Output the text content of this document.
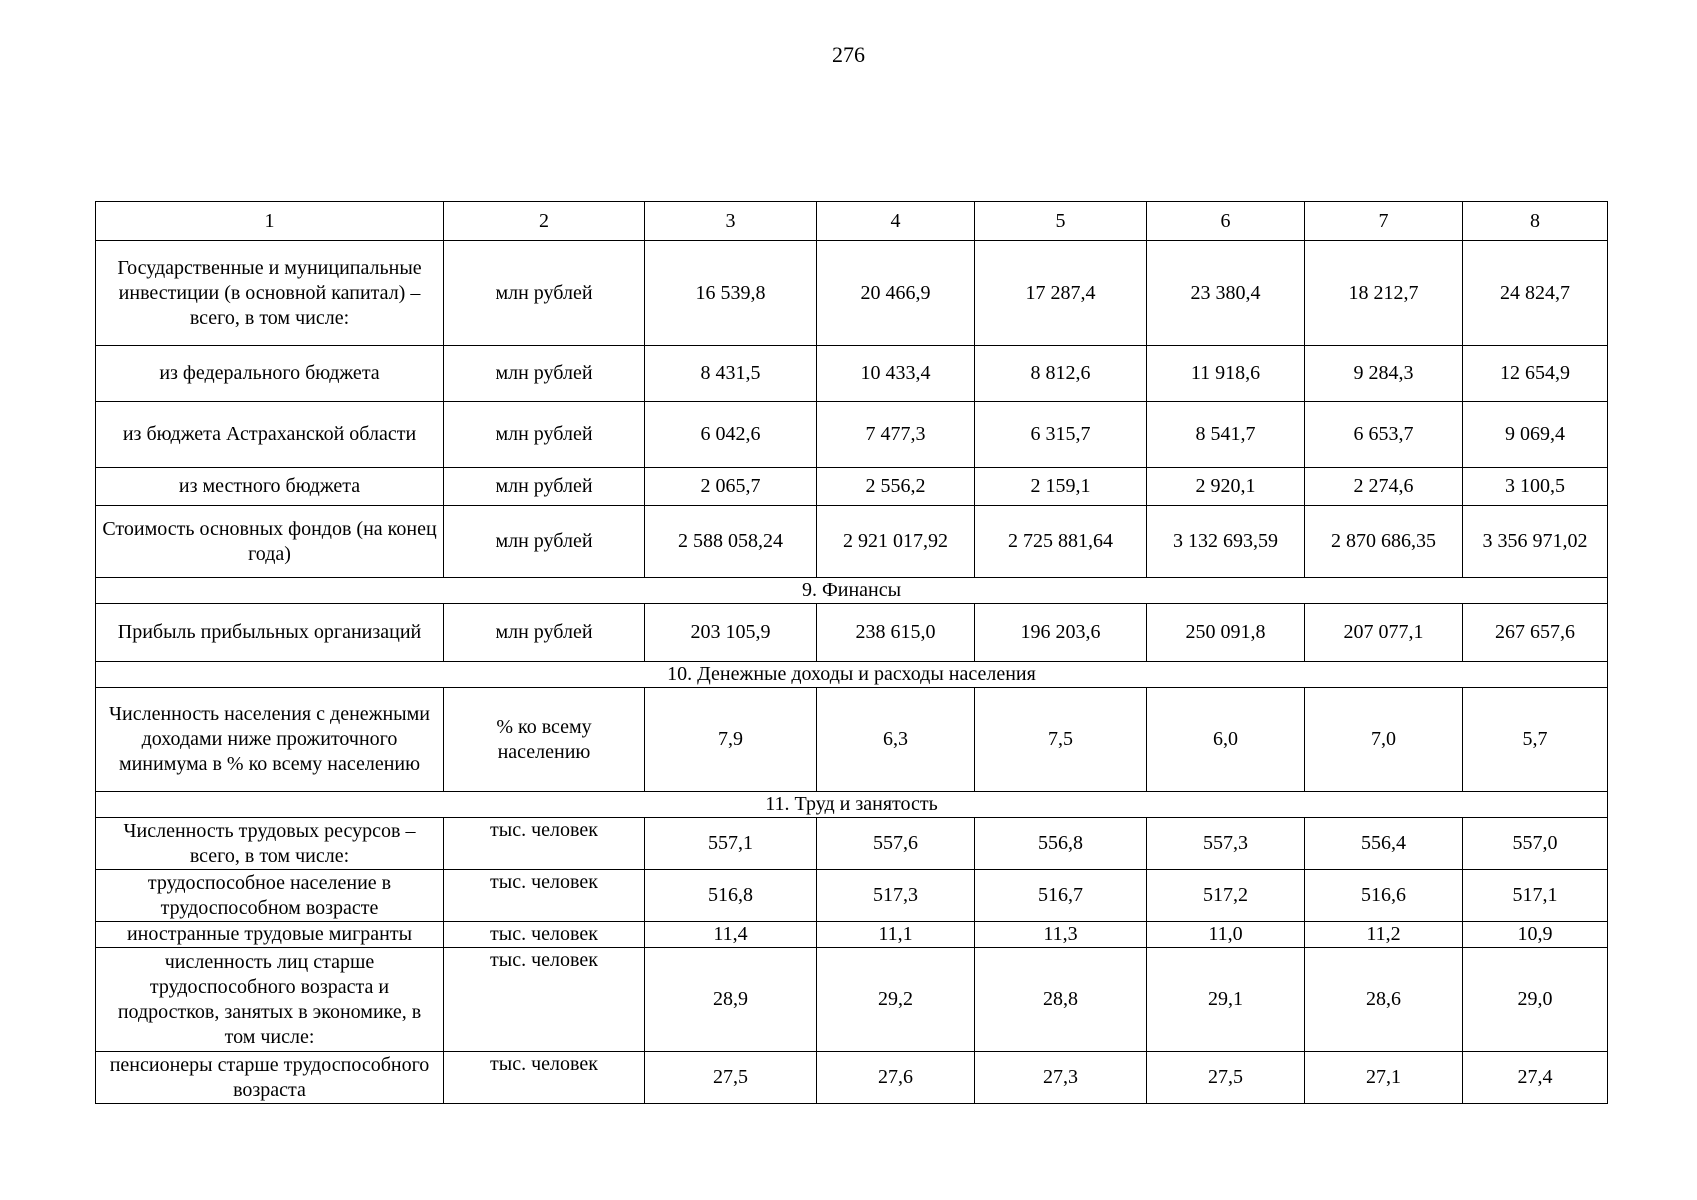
276
1	2	3	4	5	6	7	8
Государственные и муниципальные инвестиции (в основной капитал) – всего, в том числе:	млн рублей	16 539,8	20 466,9	17 287,4	23 380,4	18 212,7	24 824,7
из федерального бюджета	млн рублей	8 431,5	10 433,4	8 812,6	11 918,6	9 284,3	12 654,9
из бюджета Астраханской области	млн рублей	6 042,6	7 477,3	6 315,7	8 541,7	6 653,7	9 069,4
из местного бюджета	млн рублей	2 065,7	2 556,2	2 159,1	2 920,1	2 274,6	3 100,5
Стоимость основных фондов (на конец года)	млн рублей	2 588 058,24	2 921 017,92	2 725 881,64	3 132 693,59	2 870 686,35	3 356 971,02
9. Финансы							
Прибыль прибыльных организаций	млн рублей	203 105,9	238 615,0	196 203,6	250 091,8	207 077,1	267 657,6
10. Денежные доходы и расходы населения							
Численность населения с денежными доходами ниже прожиточного минимума в % ко всему населению	% ко всему населению	7,9	6,3	7,5	6,0	7,0	5,7
11. Труд и занятость							
Численность трудовых ресурсов – всего, в том числе:	тыс. человек	557,1	557,6	556,8	557,3	556,4	557,0
трудоспособное население в трудоспособном возрасте	тыс. человек	516,8	517,3	516,7	517,2	516,6	517,1
иностранные трудовые мигранты	тыс. человек	11,4	11,1	11,3	11,0	11,2	10,9
численность лиц старше трудоспособного возраста и подростков, занятых в экономике, в том числе:	тыс. человек	28,9	29,2	28,8	29,1	28,6	29,0
пенсионеры старше трудоспособного возраста	тыс. человек	27,5	27,6	27,3	27,5	27,1	27,4
